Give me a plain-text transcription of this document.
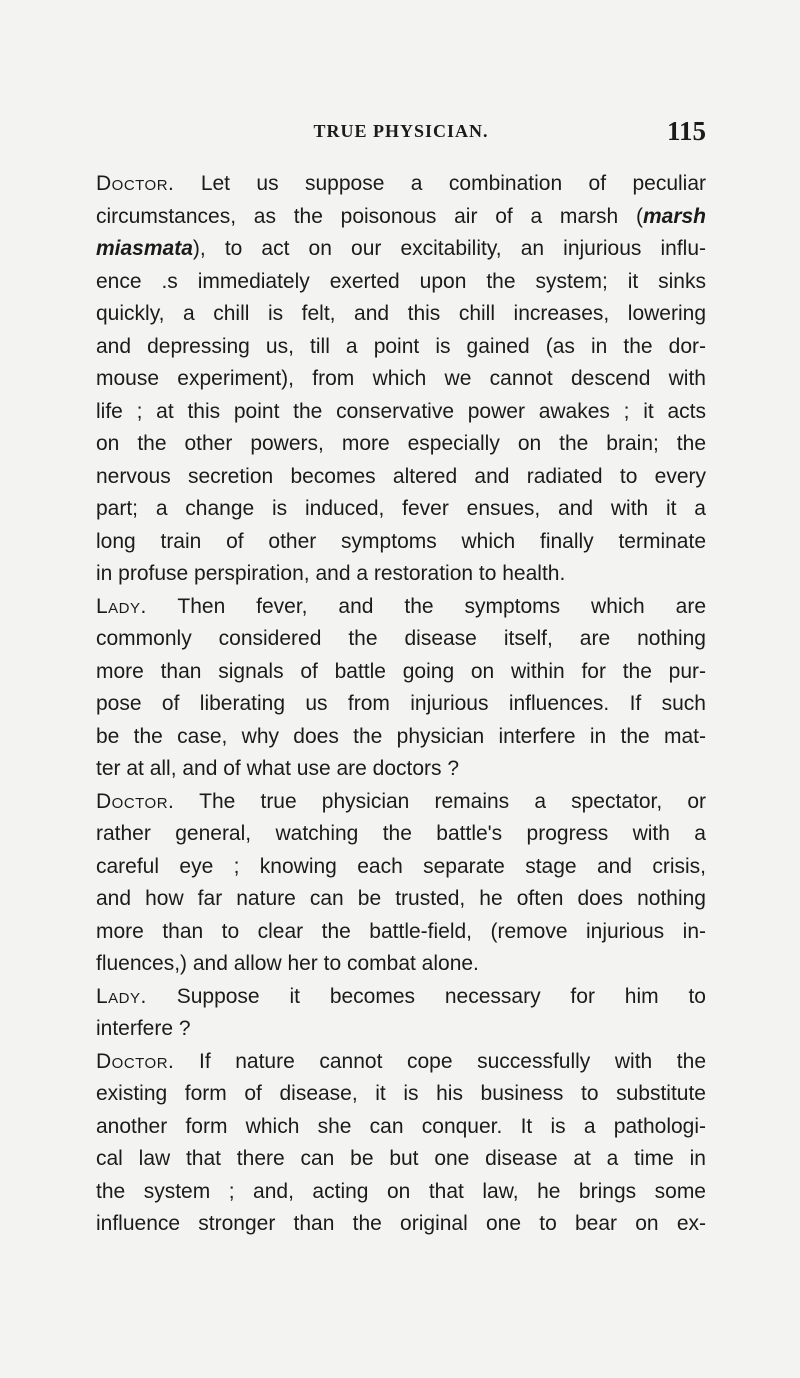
TRUE PHYSICIAN.	115
Doctor. Let us suppose a combination of peculiar
circumstances, as the poisonous air of a marsh (marsh
miasmata), to act on our excitability, an injurious influ-
ence .s immediately exerted upon the system; it sinks
quickly, a chill is felt, and this chill increases, lowering
and depressing us, till a point is gained (as in the dor-
mouse experiment), from which we cannot descend with
life ; at this point the conservative power awakes ; it acts
on the other powers, more especially on the brain; the
nervous secretion becomes altered and radiated to every
part; a change is induced, fever ensues, and with it a
long train of other symptoms which finally terminate
in profuse perspiration, and a restoration to health.
Lady. Then fever, and the symptoms which are
commonly considered the disease itself, are nothing
more than signals of battle going on within for the pur-
pose of liberating us from injurious influences. If such
be the case, why does the physician interfere in the mat-
ter at all, and of what use are doctors ?
Doctor. The true physician remains a spectator, or
rather general, watching the battle's progress with a
careful eye ; knowing each separate stage and crisis,
and how far nature can be trusted, he often does nothing
more than to clear the battle-field, (remove injurious in-
fluences,) and allow her to combat alone.
Lady. Suppose it becomes necessary for him to
interfere ?
Doctor. If nature cannot cope successfully with the
existing form of disease, it is his business to substitute
another form which she can conquer. It is a pathologi-
cal law that there can be but one disease at a time in
the system ; and, acting on that law, he brings some
influence stronger than the original one to bear on ex-
